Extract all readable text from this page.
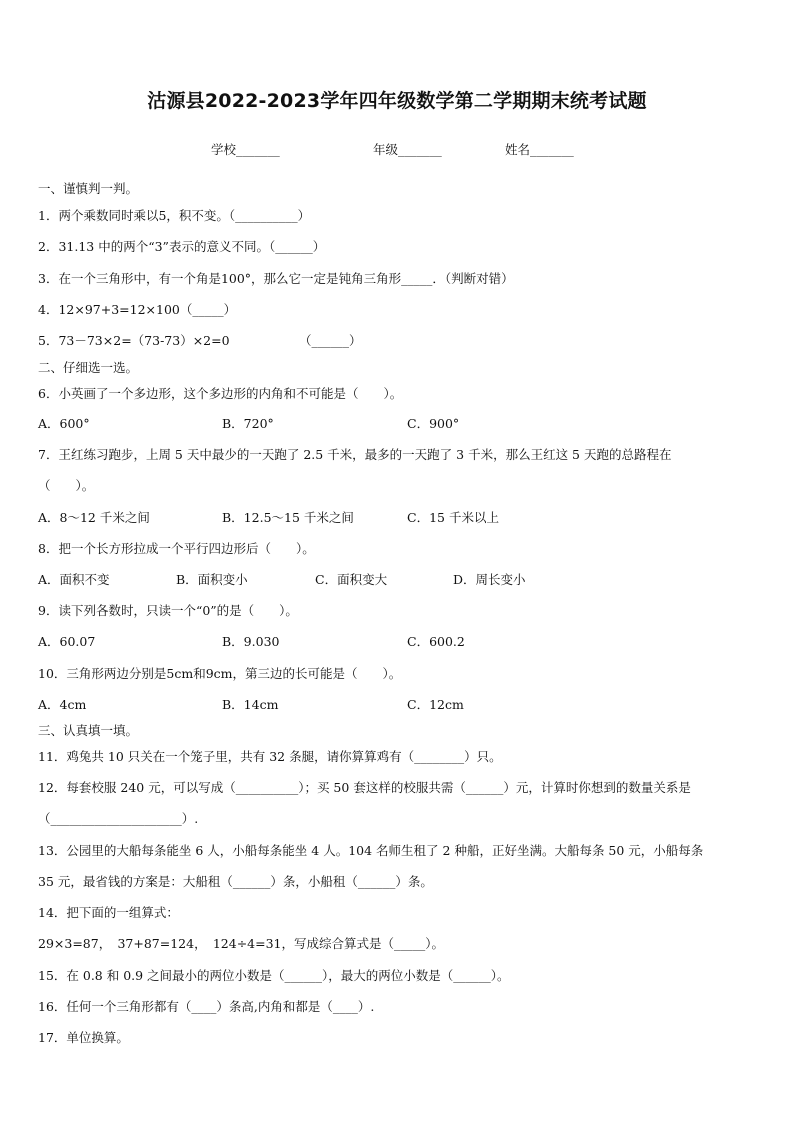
沽源县2022-2023学年四年级数学第二学期期末统考试题
学校_______	年级_______	姓名_______
一、谨慎判一判。
1．两个乘数同时乘以5，积不变。（__________）
2．31.13 中的两个“3”表示的意义不同。（______）
3．在一个三角形中，有一个角是100°，那么它一定是钝角三角形_____．（判断对错）
4．12×97+3=12×100（_____）
5．73－73×2=（73-73）×2=0	（______）
二、仔细选一选。
6．小英画了一个多边形，这个多边形的内角和不可能是（　　）。
A．600°	B．720°	C．900°
7．王红练习跑步，上周 5 天中最少的一天跑了 2.5 千米，最多的一天跑了 3 千米，那么王红这 5 天跑的总路程在
（　　）。
A．8～12 千米之间	B．12.5～15 千米之间	C．15 千米以上
8．把一个长方形拉成一个平行四边形后（　　）。
A．面积不变	B．面积变小	C．面积变大	D．周长变小
9．读下列各数时，只读一个“0”的是（　　）。
A．60.07	B．9.030	C．600.2
10．三角形两边分别是5cm和9cm，第三边的长可能是（　　）。
A．4cm	B．14cm	C．12cm
三、认真填一填。
11．鸡兔共 10 只关在一个笼子里，共有 32 条腿，请你算算鸡有（________）只。
12．每套校服 240 元，可以写成（__________）；买 50 套这样的校服共需（______）元，计算时你想到的数量关系是
（_____________________）.
13．公园里的大船每条能坐 6 人，小船每条能坐 4 人。104 名师生租了 2 种船，正好坐满。大船每条 50 元，小船每条
35 元，最省钱的方案是：大船租（______）条，小船租（______）条。
14．把下面的一组算式：
29×3=87，　37+87=124，　124÷4=31，写成综合算式是（_____）。
15．在 0.8 和 0.9 之间最小的两位小数是（______），最大的两位小数是（______）。
16．任何一个三角形都有（____）条高,内角和都是（____）.
17．单位换算。
